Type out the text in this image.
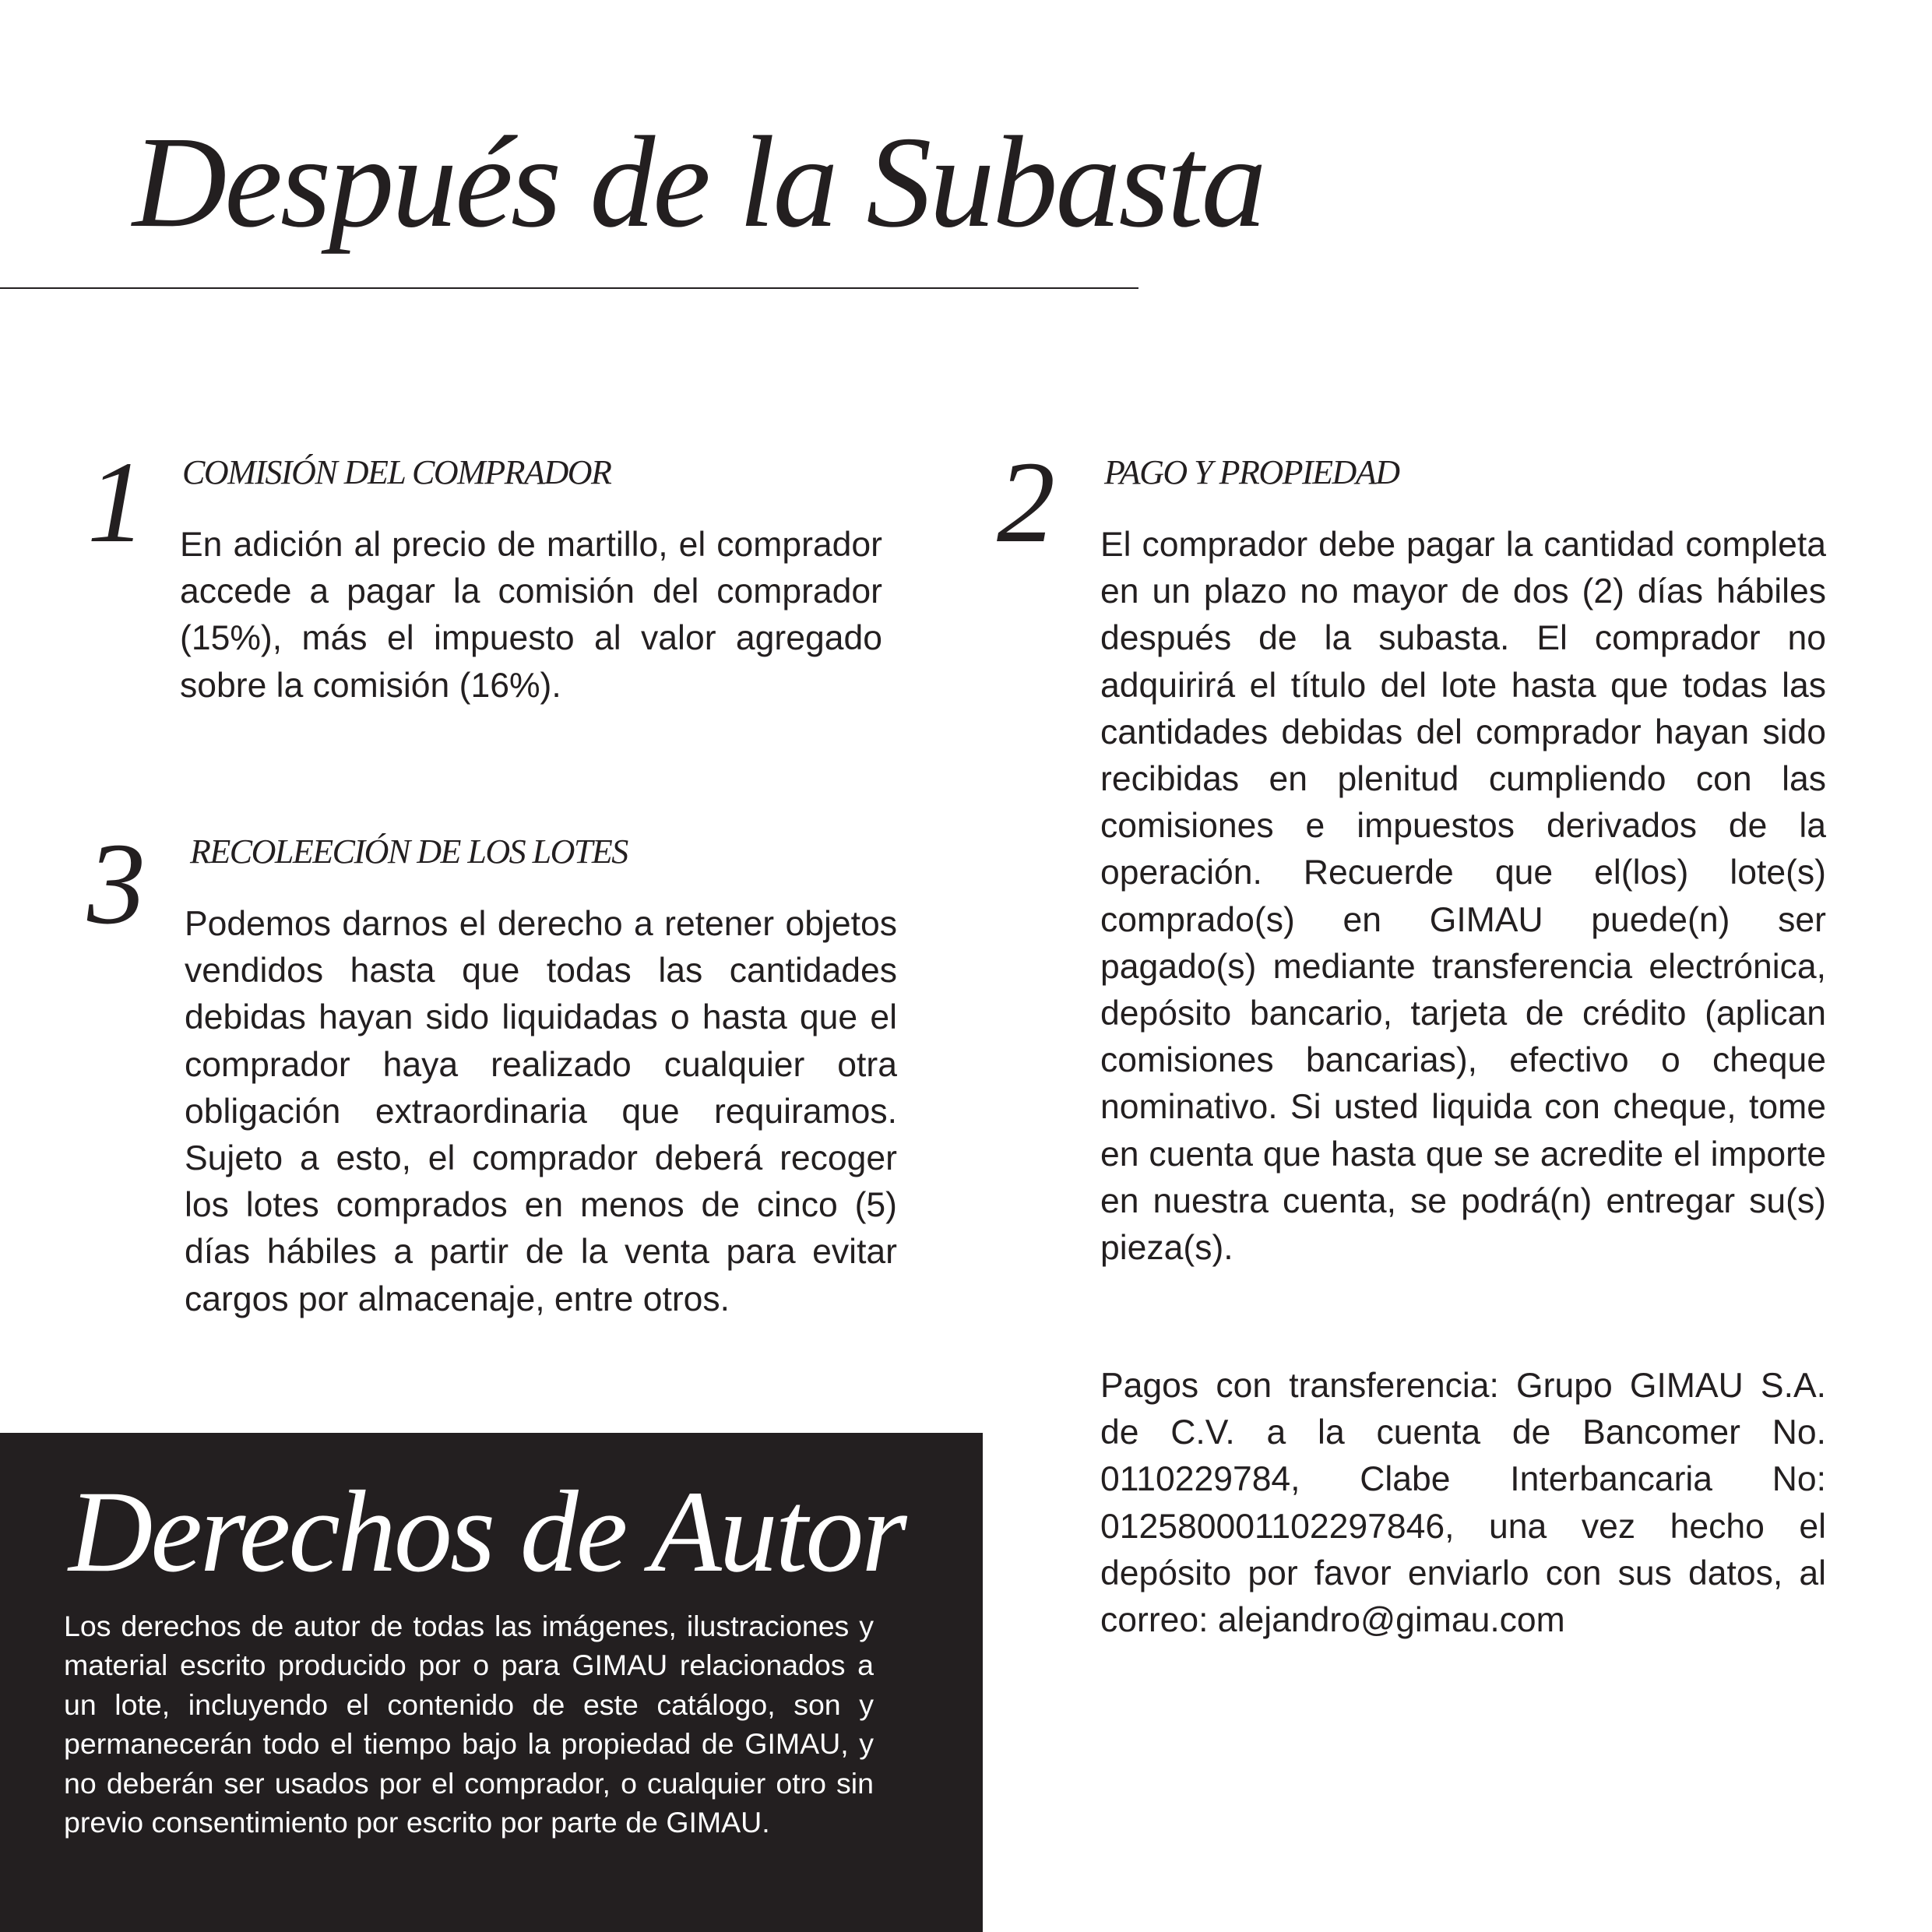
Después de la Subasta
1 COMISIÓN DEL COMPRADOR

En adición al precio de martillo, el comprador accede a pagar la comisión del comprador (15%), más el impuesto al valor agregado sobre la comisión (16%).

2 PAGO Y PROPIEDAD

El comprador debe pagar la cantidad completa en un plazo no mayor de dos (2) días hábiles después de la subasta. El comprador no adquirirá el título del lote hasta que todas las cantidades debidas del comprador hayan sido recibidas en plenitud cumpliendo con las comisiones e impuestos derivados de la operación. Recuerde que el(los) lote(s) comprado(s) en GIMAU puede(n) ser pagado(s) mediante transferencia electrónica, depósito bancario, tarjeta de crédito (aplican comisiones bancarias), efectivo o cheque nominativo. Si usted liquida con cheque, tome en cuenta que hasta que se acredite el importe en nuestra cuenta, se podrá(n) entregar su(s) pieza(s).

Pagos con transferencia: Grupo GIMAU S.A. de C.V. a la cuenta de Bancomer No. 0110229784, Clabe Interbancaria No: 012580001102297846, una vez hecho el depósito por favor enviarlo con sus datos, al correo: alejandro@gimau.com

3 RECOLEECIÓN DE LOS LOTES

Podemos darnos el derecho a retener objetos vendidos hasta que todas las cantidades debidas hayan sido liquidadas o hasta que el comprador haya realizado cualquier otra obligación extraordinaria que requiramos. Sujeto a esto, el comprador deberá recoger los lotes comprados en menos de cinco (5) días hábiles a partir de la venta para evitar cargos por almacenaje, entre otros.

Derechos de Autor

Los derechos de autor de todas las imágenes, ilustraciones y material escrito producido por o para GIMAU relacionados a un lote, incluyendo el contenido de este catálogo, son y permanecerán todo el tiempo bajo la propiedad de GIMAU, y no deberán ser usados por el comprador, o cualquier otro sin previo consentimiento por escrito por parte de GIMAU.
